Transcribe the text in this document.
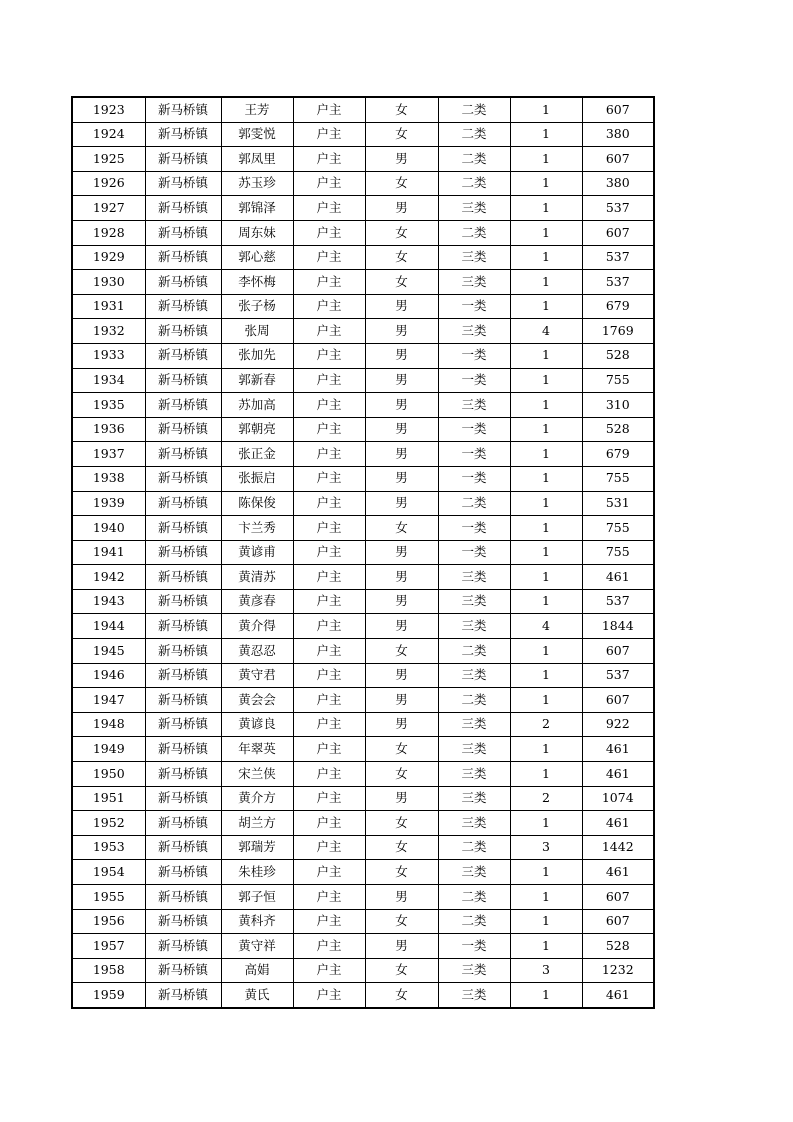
1923	新马桥镇	王芳	户主	女	二类	1	607
1924	新马桥镇	郭雯悦	户主	女	二类	1	380
1925	新马桥镇	郭凤里	户主	男	二类	1	607
1926	新马桥镇	苏玉珍	户主	女	二类	1	380
1927	新马桥镇	郭锦泽	户主	男	三类	1	537
1928	新马桥镇	周东妹	户主	女	二类	1	607
1929	新马桥镇	郭心慈	户主	女	三类	1	537
1930	新马桥镇	李怀梅	户主	女	三类	1	537
1931	新马桥镇	张子杨	户主	男	一类	1	679
1932	新马桥镇	张周	户主	男	三类	4	1769
1933	新马桥镇	张加先	户主	男	一类	1	528
1934	新马桥镇	郭新春	户主	男	一类	1	755
1935	新马桥镇	苏加高	户主	男	三类	1	310
1936	新马桥镇	郭朝亮	户主	男	一类	1	528
1937	新马桥镇	张正金	户主	男	一类	1	679
1938	新马桥镇	张振启	户主	男	一类	1	755
1939	新马桥镇	陈保俊	户主	男	二类	1	531
1940	新马桥镇	卞兰秀	户主	女	一类	1	755
1941	新马桥镇	黄谚甫	户主	男	一类	1	755
1942	新马桥镇	黄清苏	户主	男	三类	1	461
1943	新马桥镇	黄彦春	户主	男	三类	1	537
1944	新马桥镇	黄介得	户主	男	三类	4	1844
1945	新马桥镇	黄忍忍	户主	女	二类	1	607
1946	新马桥镇	黄守君	户主	男	三类	1	537
1947	新马桥镇	黄会会	户主	男	二类	1	607
1948	新马桥镇	黄谚良	户主	男	三类	2	922
1949	新马桥镇	年翠英	户主	女	三类	1	461
1950	新马桥镇	宋兰侠	户主	女	三类	1	461
1951	新马桥镇	黄介方	户主	男	三类	2	1074
1952	新马桥镇	胡兰方	户主	女	三类	1	461
1953	新马桥镇	郭瑞芳	户主	女	二类	3	1442
1954	新马桥镇	朱桂珍	户主	女	三类	1	461
1955	新马桥镇	郭子恒	户主	男	二类	1	607
1956	新马桥镇	黄科齐	户主	女	二类	1	607
1957	新马桥镇	黄守祥	户主	男	一类	1	528
1958	新马桥镇	高娟	户主	女	三类	3	1232
1959	新马桥镇	黄氏	户主	女	三类	1	461
